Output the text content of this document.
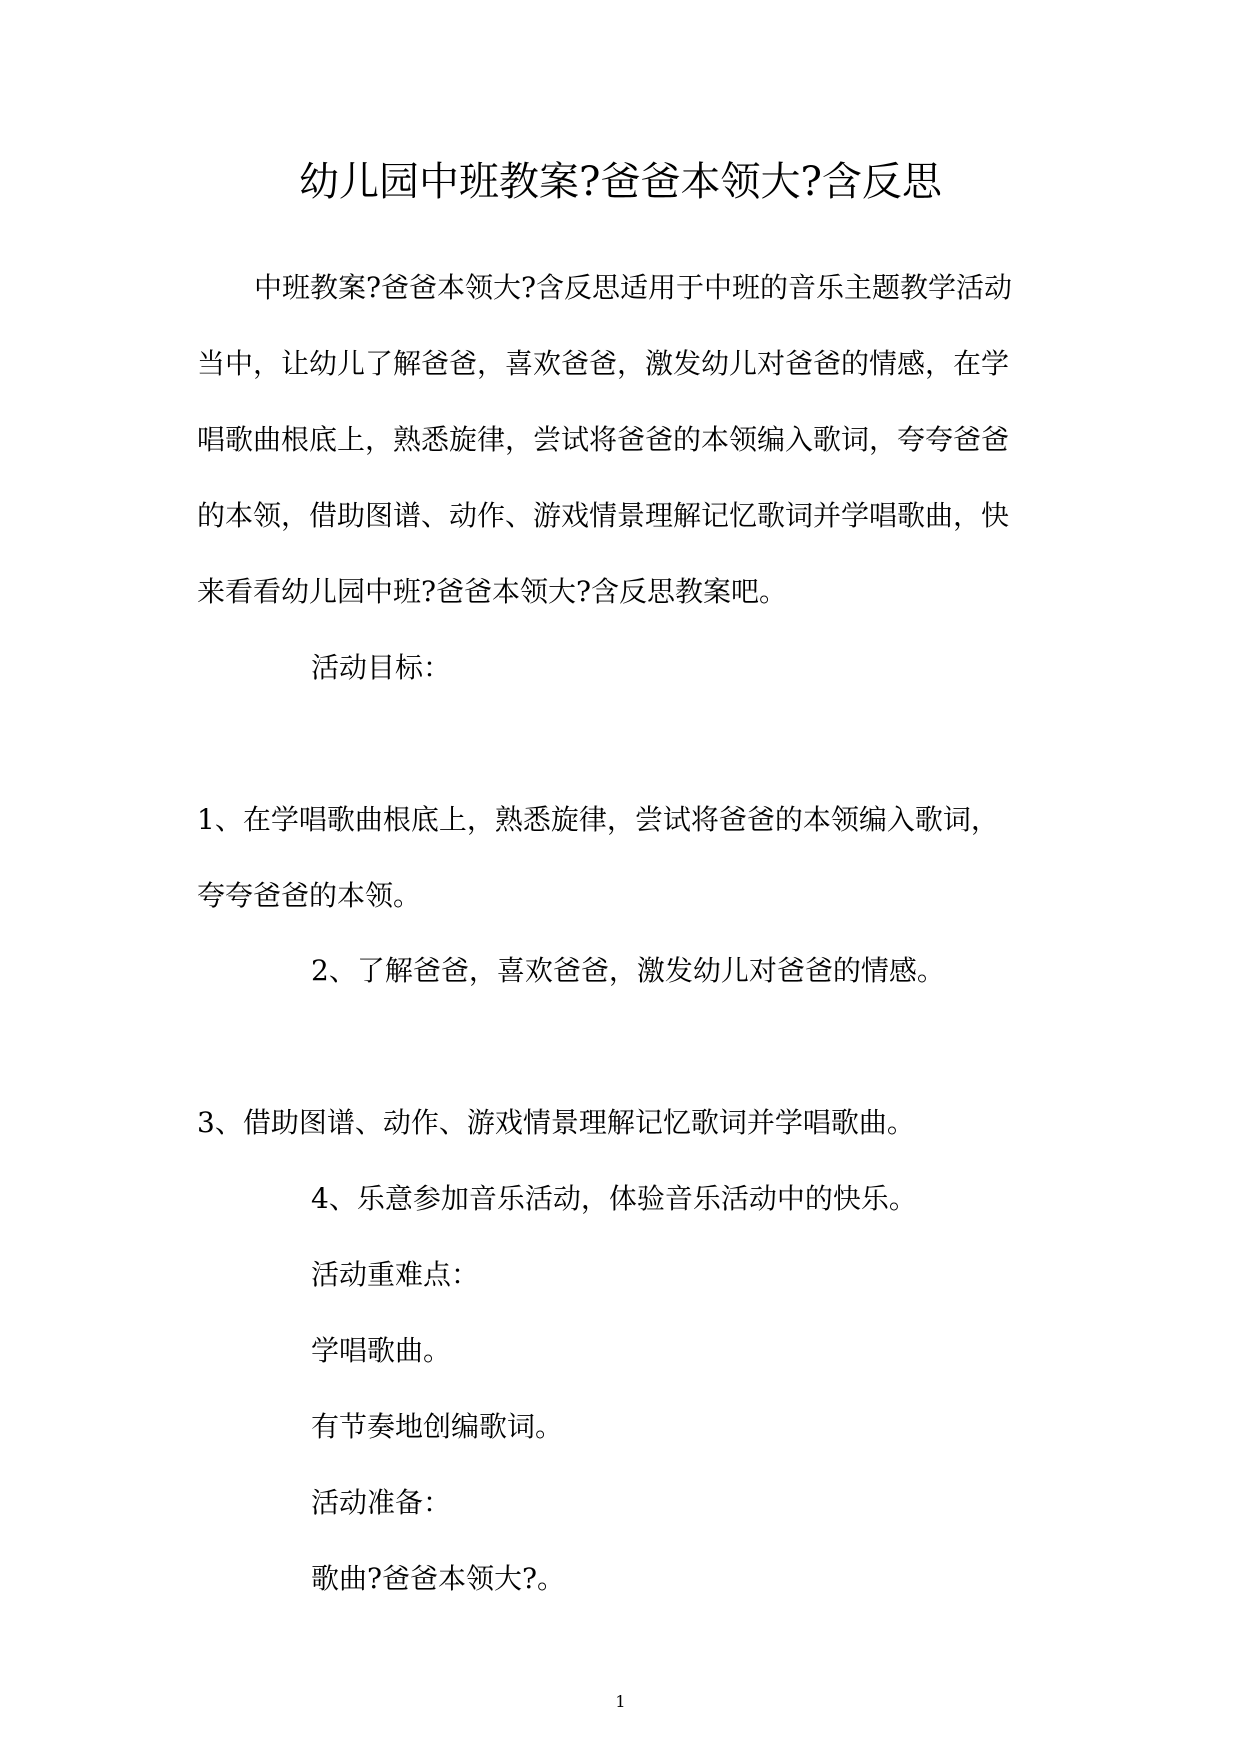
幼儿园中班教案?爸爸本领大?含反思
中班教案?爸爸本领大?含反思适用于中班的音乐主题教学活动
当中，让幼儿了解爸爸，喜欢爸爸，激发幼儿对爸爸的情感，在学
唱歌曲根底上，熟悉旋律，尝试将爸爸的本领编入歌词，夸夸爸爸
的本领，借助图谱、动作、游戏情景理解记忆歌词并学唱歌曲，快
来看看幼儿园中班?爸爸本领大?含反思教案吧。
活动目标：
1、在学唱歌曲根底上，熟悉旋律，尝试将爸爸的本领编入歌词，
夸夸爸爸的本领。
2、了解爸爸，喜欢爸爸，激发幼儿对爸爸的情感。
3、借助图谱、动作、游戏情景理解记忆歌词并学唱歌曲。
4、乐意参加音乐活动，体验音乐活动中的快乐。
活动重难点：
学唱歌曲。
有节奏地创编歌词。
活动准备：
歌曲?爸爸本领大?。
1
